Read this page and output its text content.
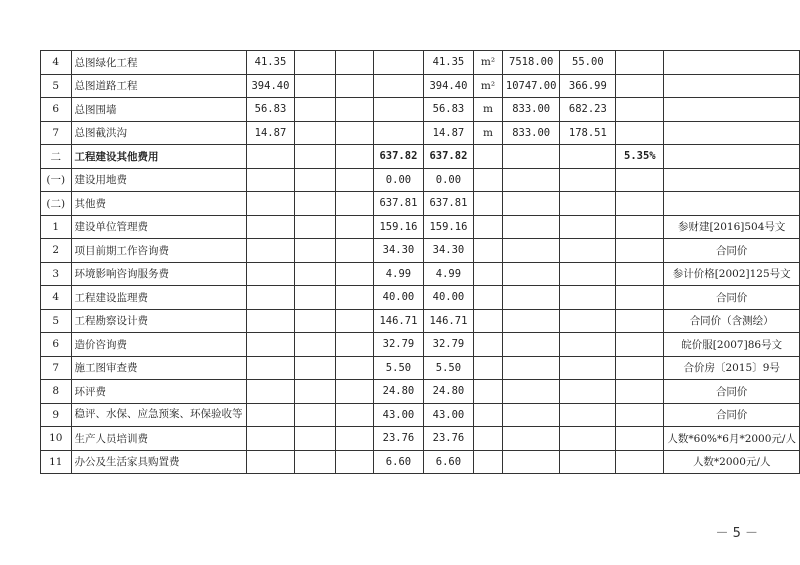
4	总图绿化工程	41.35				41.35	m²	7518.00	55.00		
5	总图道路工程	394.40				394.40	m²	10747.00	366.99		
6	总图围墙	56.83				56.83	m	833.00	682.23		
7	总图截洪沟	14.87				14.87	m	833.00	178.51		
二	工程建设其他费用				637.82	637.82				5.35%	
(一)	建设用地费				0.00	0.00					
(二)	其他费				637.81	637.81					
1	建设单位管理费				159.16	159.16					参财建[2016]504号文
2	项目前期工作咨询费				34.30	34.30					合同价
3	环境影响咨询服务费				4.99	4.99					参计价格[2002]125号文
4	工程建设监理费				40.00	40.00					合同价
5	工程勘察设计费				146.71	146.71					合同价（含测绘）
6	造价咨询费				32.79	32.79					皖价服[2007]86号文
7	施工图审查费				5.50	5.50					合价房〔2015〕9号
8	环评费				24.80	24.80					合同价
9	稳评、水保、应急预案、环保验收等				43.00	43.00					合同价
10	生产人员培训费				23.76	23.76					人数*60%*6月*2000元/人
11	办公及生活家具购置费				6.60	6.60					人数*2000元/人
－ 5 －
